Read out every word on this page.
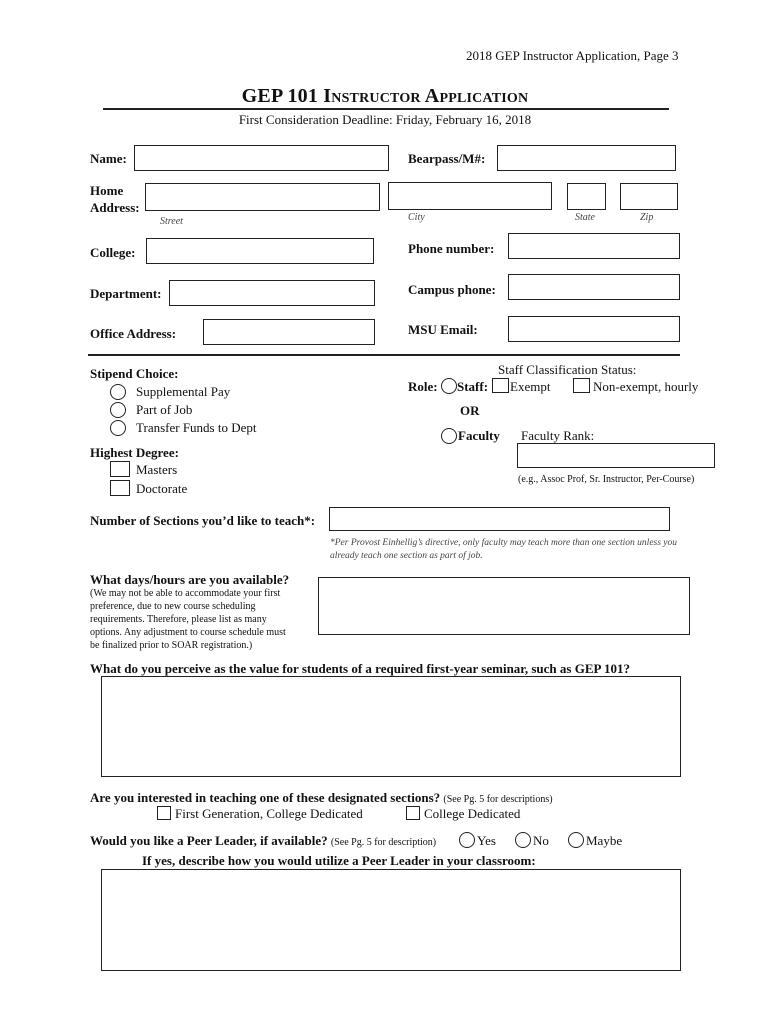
2018 GEP Instructor Application, Page 3
GEP 101 Instructor Application
First Consideration Deadline: Friday, February 16, 2018
Name:	Bearpass/M#:
Home
Address:
Street	City	State	Zip
College:	Phone number:
Department:	Campus phone:
Office Address:	MSU Email:
Stipend Choice:
Supplemental Pay
Part of Job
Transfer Funds to Dept
Highest Degree:
Masters
Doctorate
Staff Classification Status:
Role: Staff: Exempt	Non-exempt, hourly
OR
Faculty Faculty Rank:
(e.g., Assoc Prof, Sr. Instructor, Per-Course)
Number of Sections you’d like to teach*:
*Per Provost Einhellig’s directive, only faculty may teach more than one section unless you
already teach one section as part of job.
What days/hours are you available?
(We may not be able to accommodate your first
preference, due to new course scheduling
requirements. Therefore, please list as many
options. Any adjustment to course schedule must
be finalized prior to SOAR registration.)
What do you perceive as the value for students of a required first-year seminar, such as GEP 101?
Are you interested in teaching one of these designated sections? (See Pg. 5 for descriptions)
First Generation, College Dedicated	College Dedicated
Would you like a Peer Leader, if available? (See Pg. 5 for description)	Yes	No	Maybe
If yes, describe how you would utilize a Peer Leader in your classroom:
